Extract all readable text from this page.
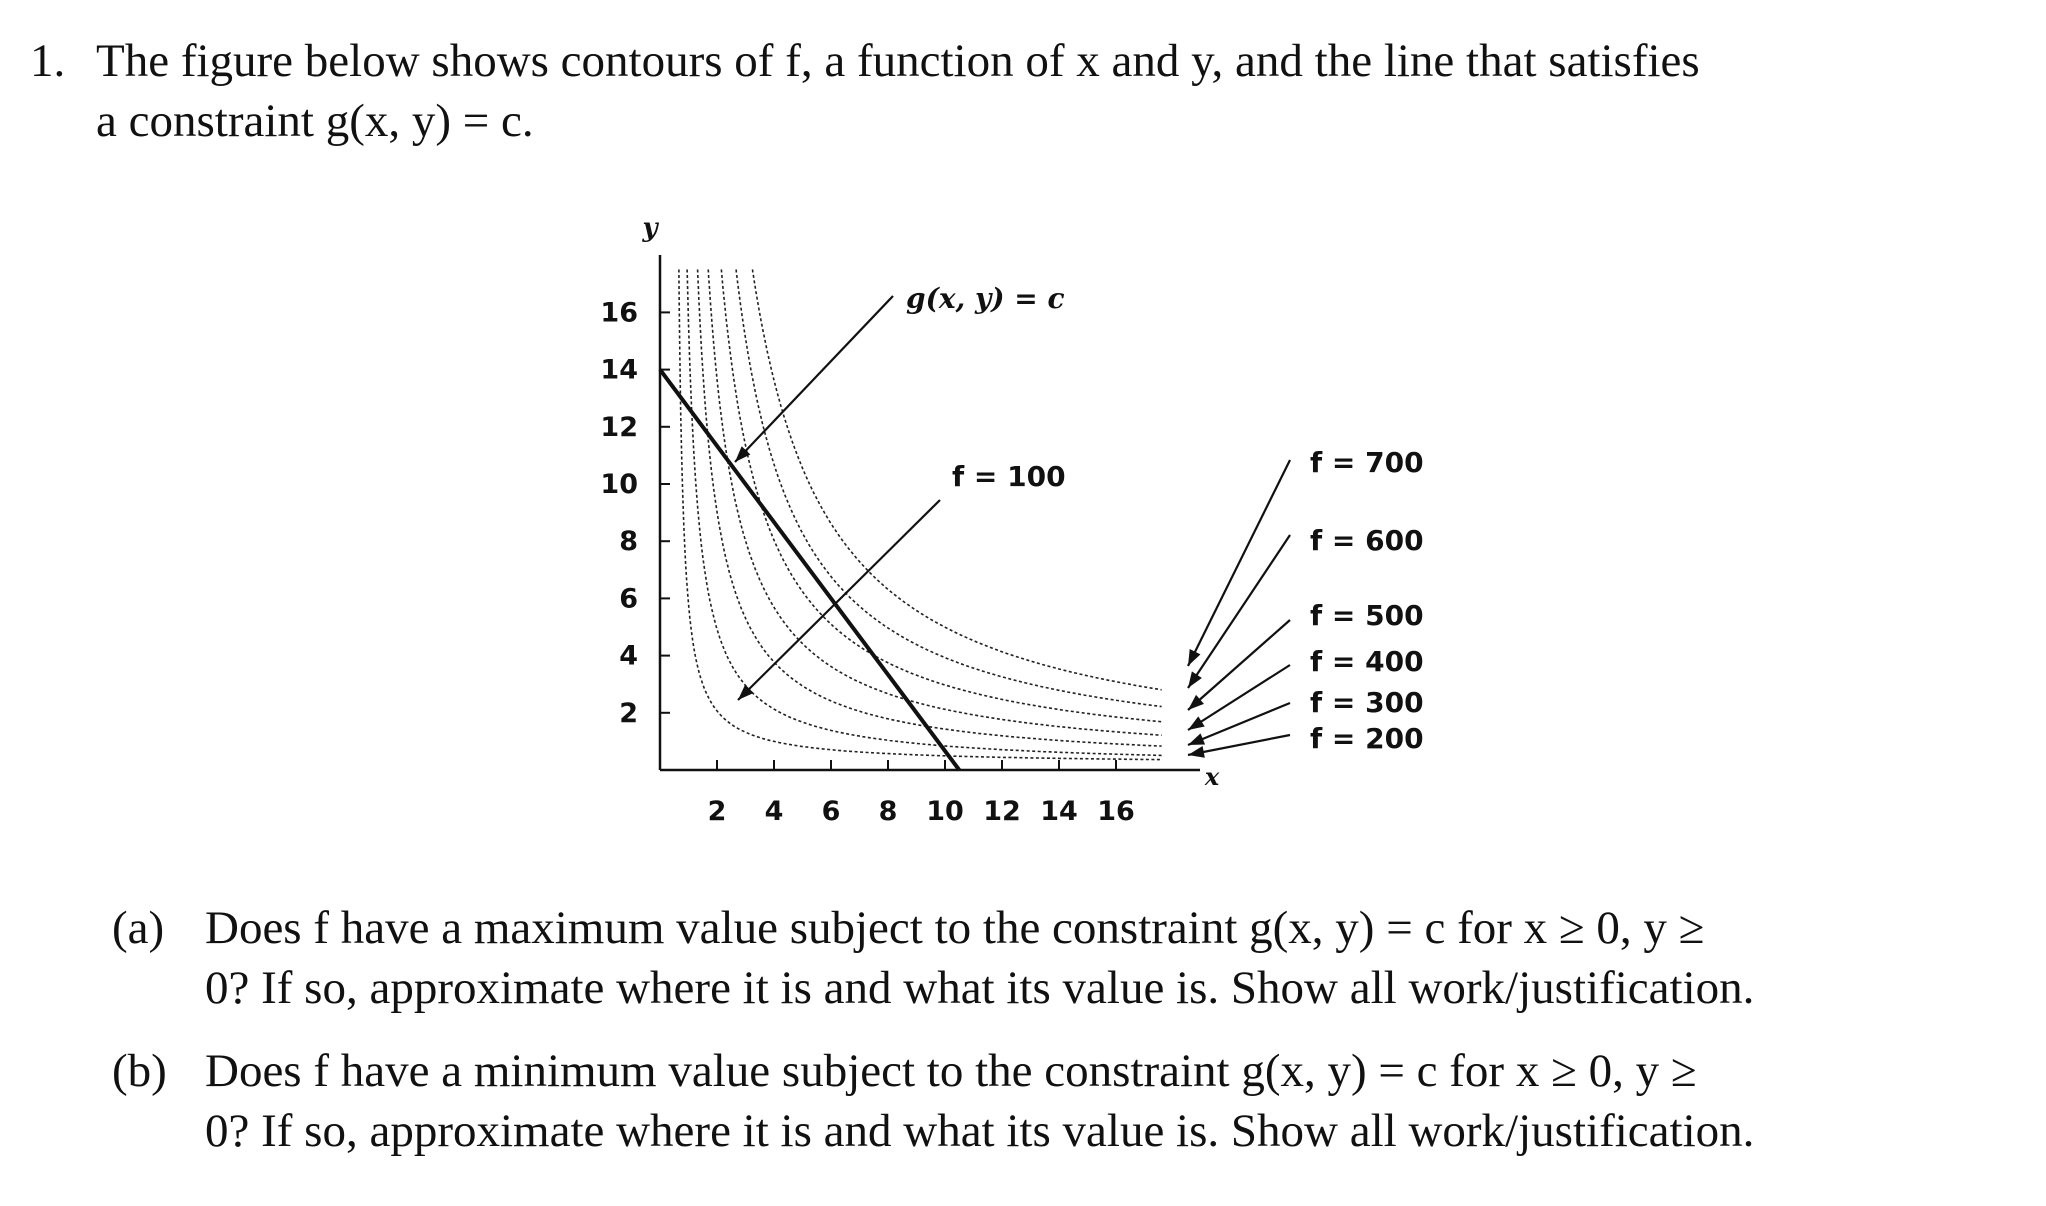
1. The figure below shows contours of f, a function of x and y, and the line that satisfies
a constraint g(x, y) = c.
y
x
g(x, y) = c
f = 100	f = 700
f = 600
f = 500
f = 400
f = 300
f = 200
16
14
12
10
8
6
4
2
2 4 6 8 10 12 14 16
(a) Does f have a maximum value subject to the constraint g(x, y) = c for x ≥ 0, y ≥
0? If so, approximate where it is and what its value is. Show all work/justification.
(b) Does f have a minimum value subject to the constraint g(x, y) = c for x ≥ 0, y ≥
0? If so, approximate where it is and what its value is. Show all work/justification.
